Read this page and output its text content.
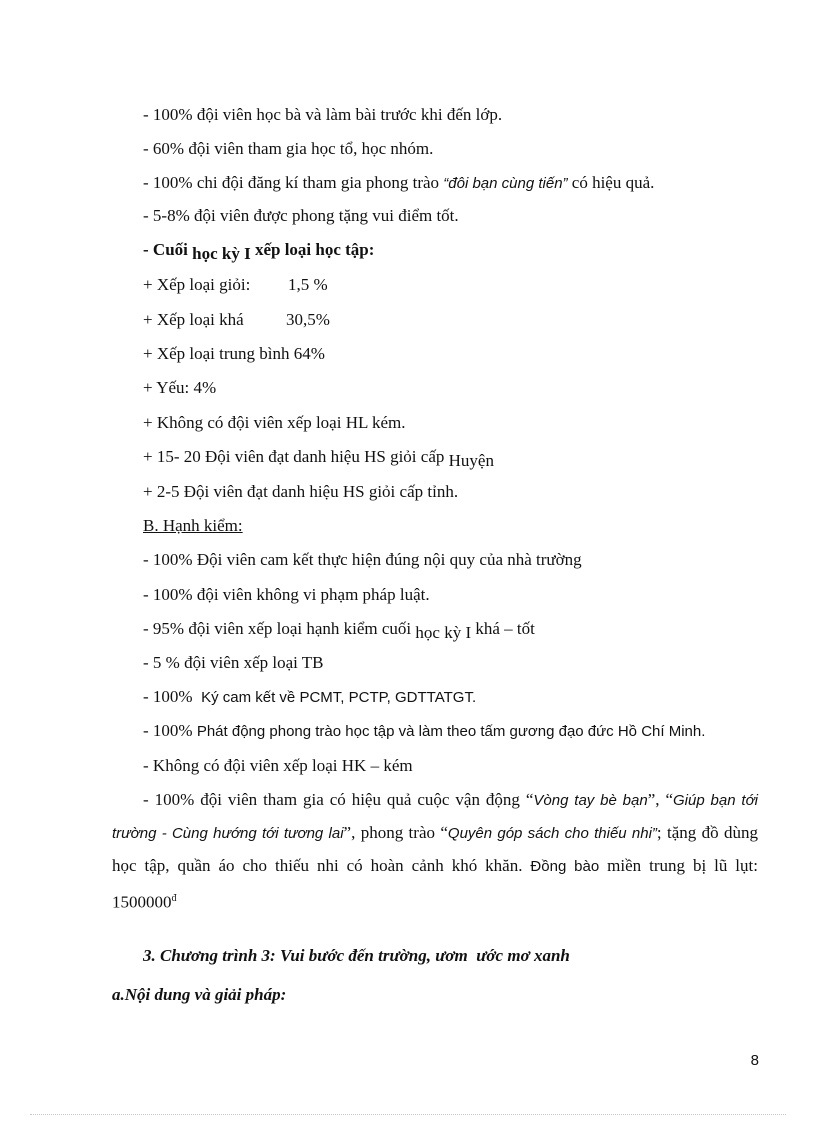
- 100% đội viên học bà và làm bài trước khi đến lớp.
- 60% đội viên tham gia học tổ, học nhóm.
- 100% chi đội đăng kí tham gia phong trào “đôi bạn cùng tiến” có hiệu quả.
- 5-8% đội viên được phong tặng vui điểm tốt.
- Cuối học kỳ I xếp loại học tập:
+ Xếp loại giỏi: 1,5 %
+ Xếp loại khá 30,5%
+ Xếp loại trung bình 64%
+ Yếu: 4%
+ Không có đội viên xếp loại HL kém.
+ 15- 20 Đội viên đạt danh hiệu HS giỏi cấp Huyện
+ 2-5 Đội viên đạt danh hiệu HS giỏi cấp tỉnh.
B. Hạnh kiểm:
- 100% Đội viên cam kết thực hiện đúng nội quy của nhà trường
- 100% đội viên không vi phạm pháp luật.
- 95% đội viên xếp loại hạnh kiểm cuối học kỳ I khá – tốt
- 5 % đội viên xếp loại TB
- 100%  Ký cam kết về PCMT, PCTP, GDTTATGT.
- 100% Phát động phong trào học tập và làm theo tấm gương đạo đức Hồ Chí Minh.
- Không có đội viên xếp loại HK – kém

- 100% đội viên tham gia có hiệu quả cuộc vận động “Vòng tay bè bạn”, “Giúp bạn tới trường - Cùng hướng tới tương lai”, phong trào “Quyên góp sách cho thiếu nhi”; tặng đồ dùng học tập, quần áo cho thiếu nhi có hoàn cảnh khó khăn. Đồng bào miền trung bị lũ lụt: $1500000^đ$

3. Chương trình 3: Vui bước đến trường, ươm  ước mơ xanh
a.Nội dung và giải pháp:
8
